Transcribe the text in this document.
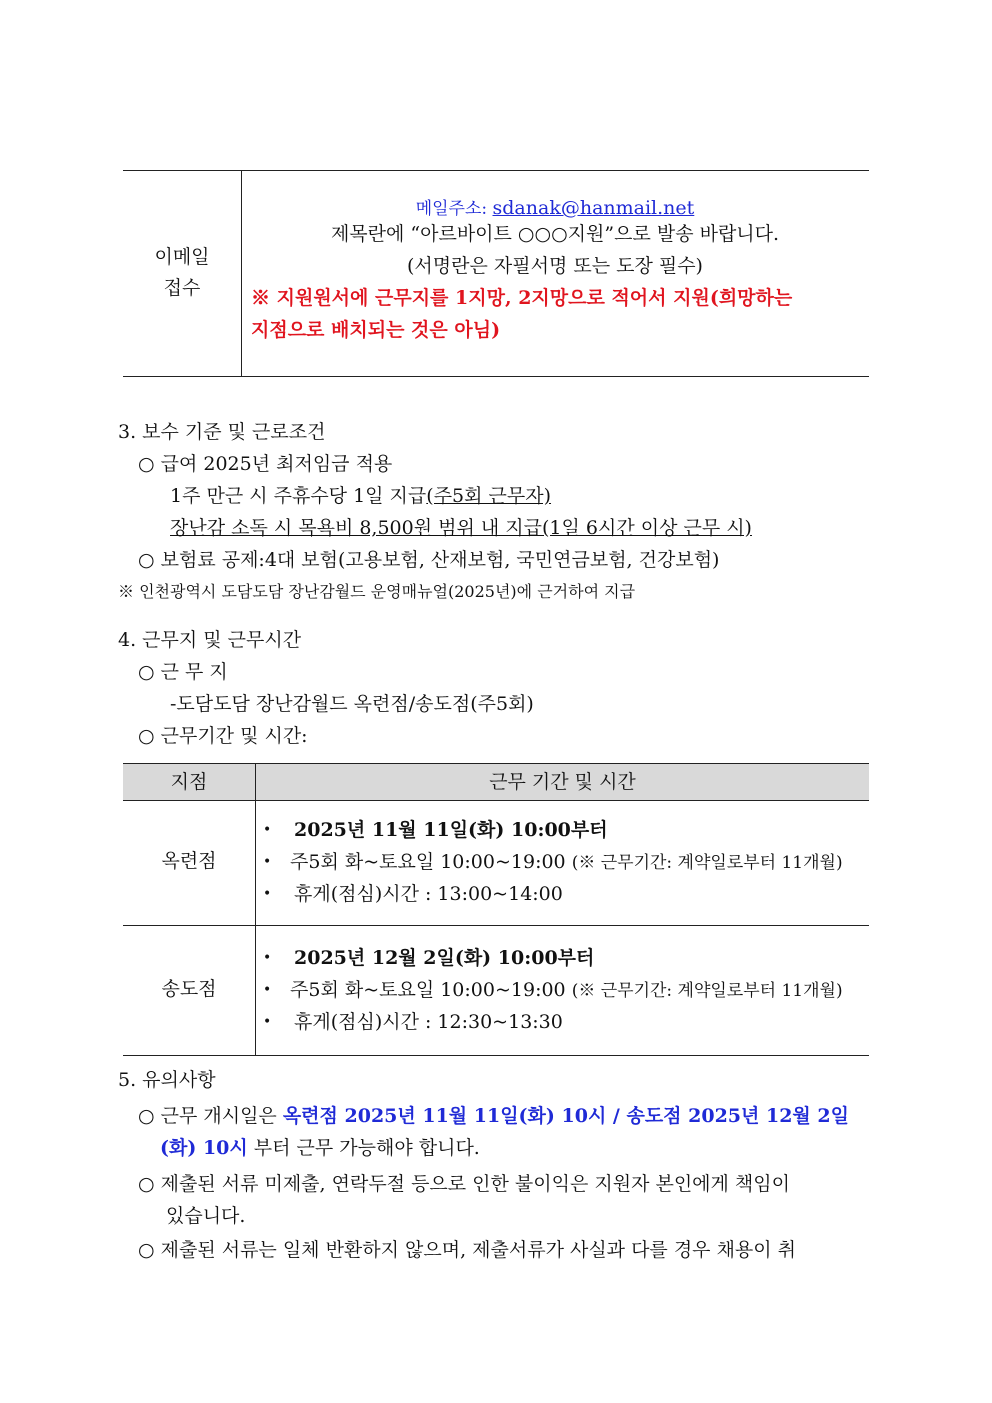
이메일
접수
메일주소: sdanak@hanmail.net
제목란에 “아르바이트 ○○○지원”으로 발송 바랍니다.
(서명란은 자필서명 또는 도장 필수)
※ 지원원서에 근무지를 1지망, 2지망으로 적어서 지원(희망하는
지점으로 배치되는 것은 아님)
3. 보수 기준 및 근로조건
○ 급여 2025년 최저임금 적용
1주 만근 시 주휴수당 1일 지급(주5회 근무자)
장난감 소독 시 목욕비 8,500원 범위 내 지급(1일 6시간 이상 근무 시)
○ 보험료 공제:4대 보험(고용보험, 산재보험, 국민연금보험, 건강보험)
※ 인천광역시 도담도담 장난감월드 운영매뉴얼(2025년)에 근거하여 지급
4. 근무지 및 근무시간
○ 근 무 지
-도담도담 장난감월드 옥련점/송도점(주5회)
○ 근무기간 및 시간:
지점	근무 기간 및 시간
옥련점
• 2025년 11월 11일(화) 10:00부터
• 주5회 화~토요일 10:00~19:00 (※ 근무기간: 계약일로부터 11개월)
• 휴게(점심)시간 : 13:00~14:00
송도점
• 2025년 12월 2일(화) 10:00부터
• 주5회 화~토요일 10:00~19:00 (※ 근무기간: 계약일로부터 11개월)
• 휴게(점심)시간 : 12:30~13:30
5. 유의사항
○ 근무 개시일은 옥련점 2025년 11월 11일(화) 10시 / 송도점 2025년 12월 2일
(화) 10시 부터 근무 가능해야 합니다.
○ 제출된 서류 미제출, 연락두절 등으로 인한 불이익은 지원자 본인에게 책임이
있습니다.
○ 제출된 서류는 일체 반환하지 않으며, 제출서류가 사실과 다를 경우 채용이 취
